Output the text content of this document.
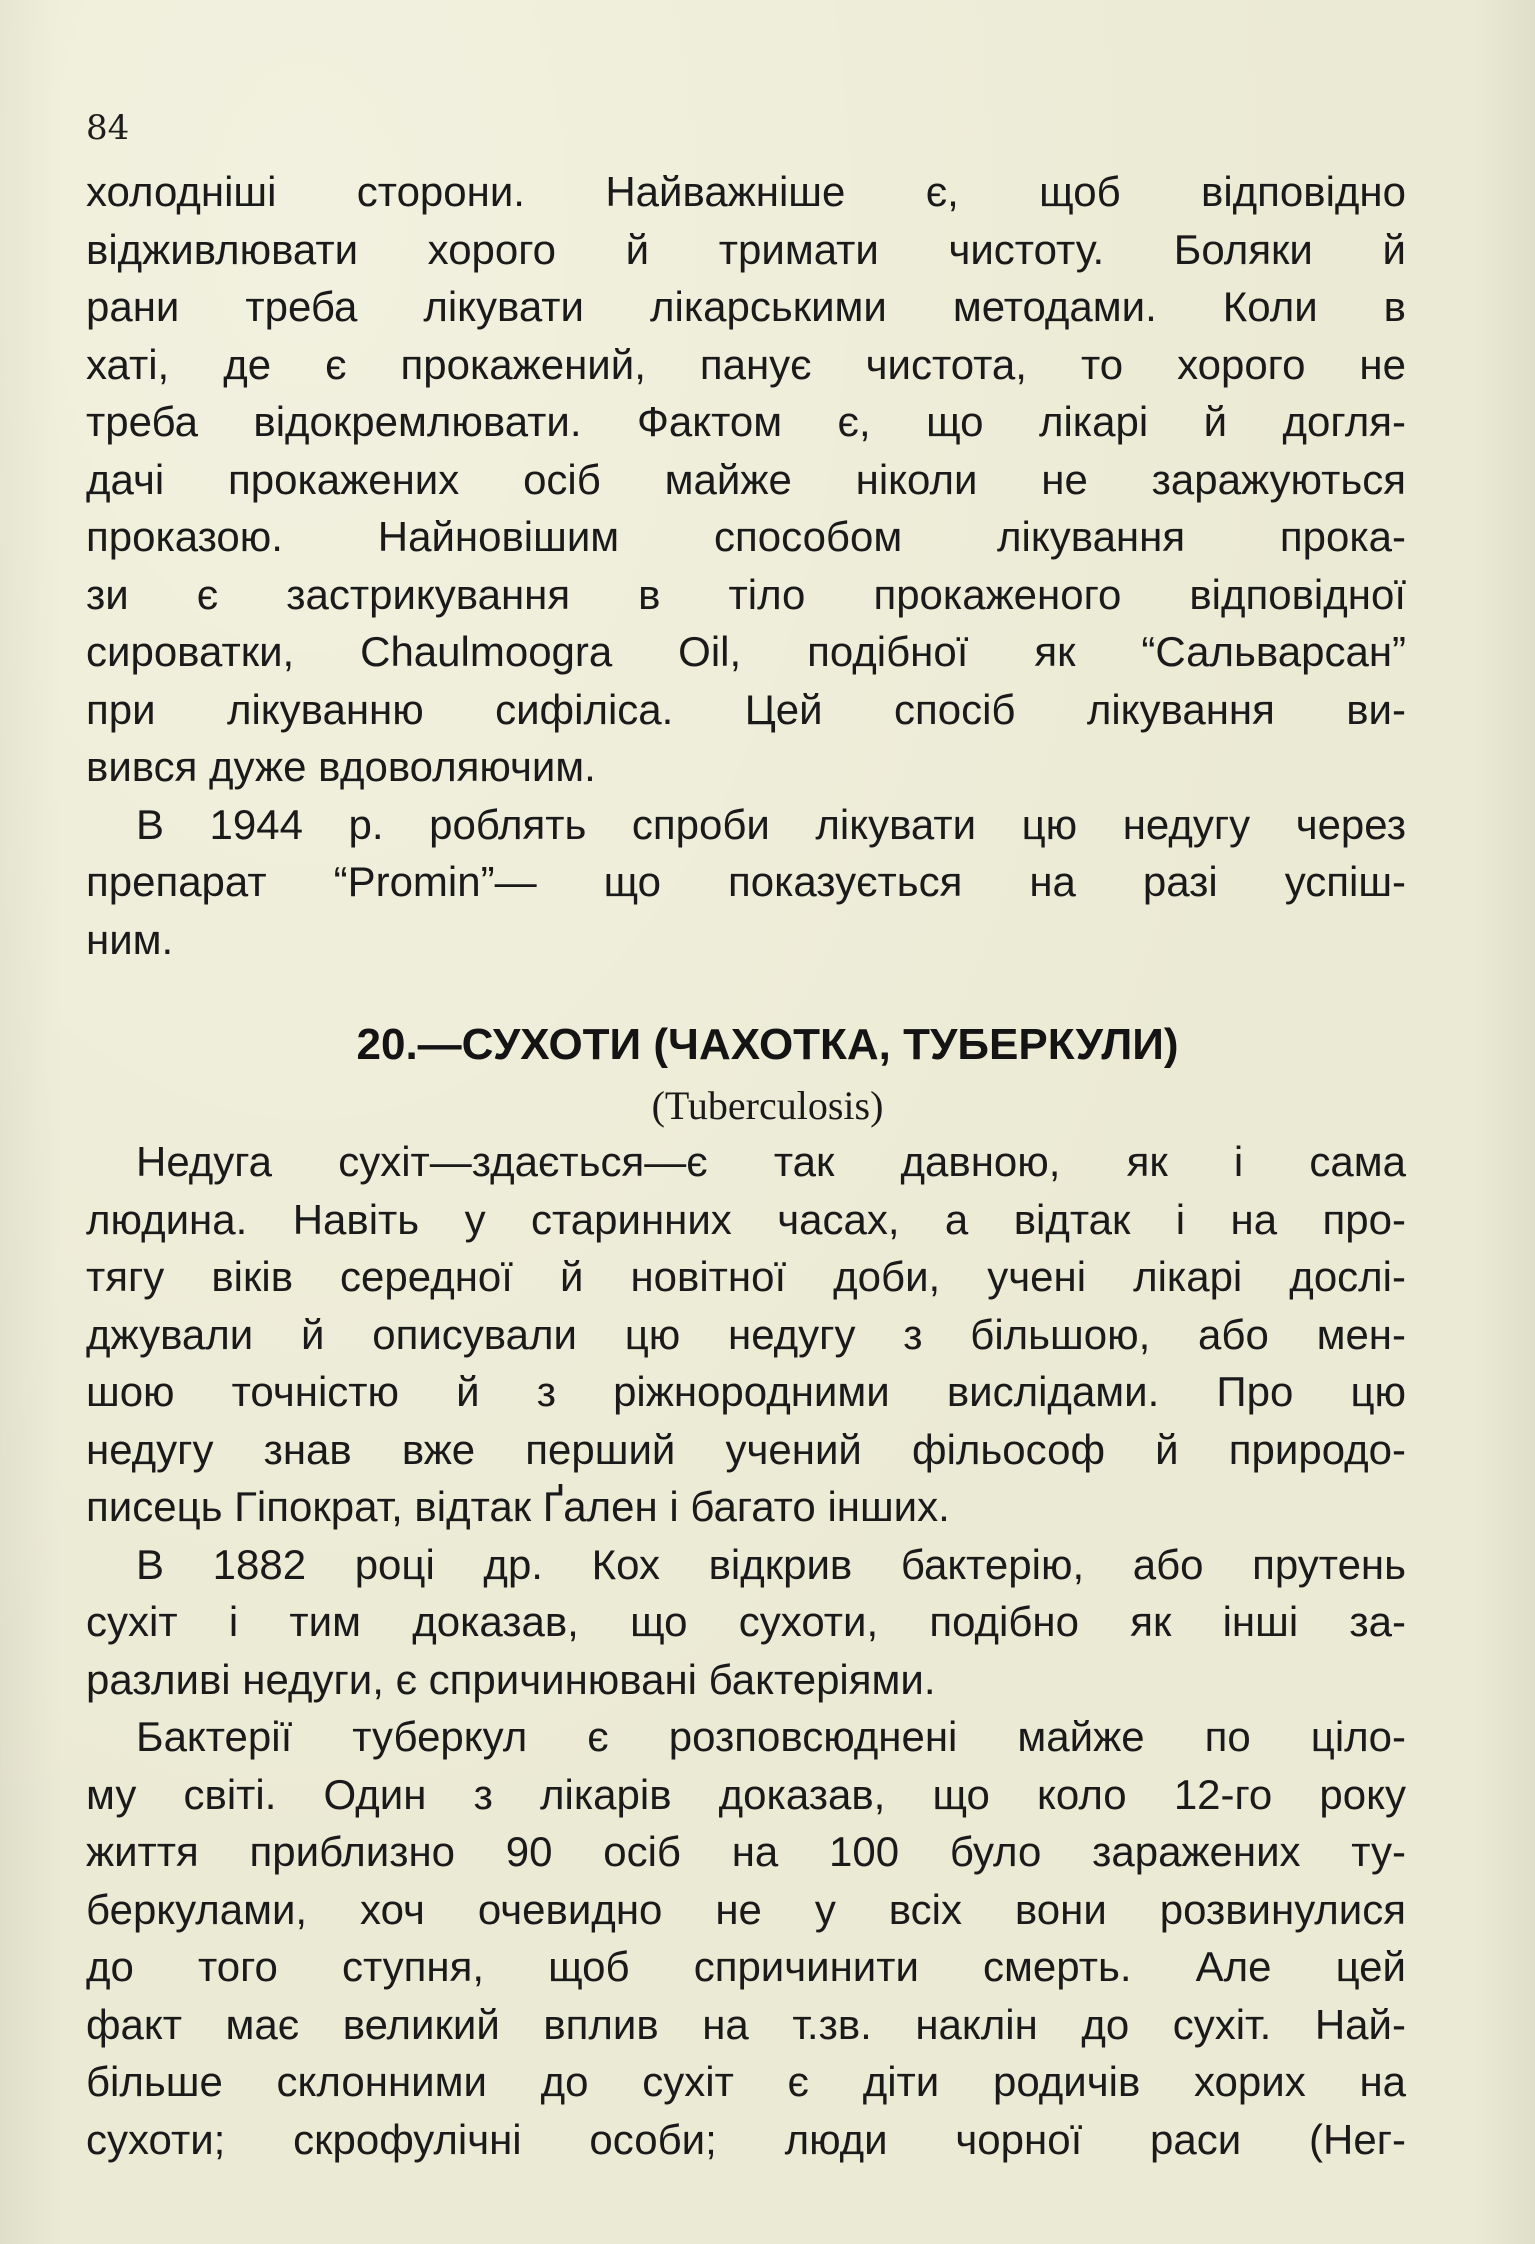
84
холодніші сторони. Найважніше є, щоб відповідно
відживлювати хорого й тримати чистоту. Боляки й
рани треба лікувати лікарськими методами. Коли в
хаті, де є прокажений, панує чистота, то хорого не
треба відокремлювати. Фактом є, що лікарі й догля-
дачі прокажених осіб майже ніколи не заражуються
проказою. Найновішим способом лікування прока-
зи є застрикування в тіло прокаженого відповідної
сироватки, Chaulmoogra Oil, подібної як “Сальварсан”
при лікуванню сифіліса. Цей спосіб лікування ви-
вився дуже вдоволяючим.
В 1944 р. роблять спроби лікувати цю недугу через
препарат “Promin”— що показується на разі успіш-
ним.
20.—СУХОТИ (ЧАХОТКА, ТУБЕРКУЛИ)
(Tuberculosis)
Недуга сухіт—здається—є так давною, як і сама
людина. Навіть у старинних часах, а відтак і на про-
тягу віків середної й новітної доби, учені лікарі дослі-
джували й описували цю недугу з більшою, або мен-
шою точністю й з ріжнородними вислідами. Про цю
недугу знав вже перший учений фільософ й природо-
писець Гіпократ, відтак Ґален і багато інших.
В 1882 році др. Кох відкрив бактерію, або прутень
сухіт і тим доказав, що сухоти, подібно як інші за-
разливі недуги, є спричинювані бактеріями.
Бактерії туберкул є розповсюднені майже по цілo-
му світі. Один з лікарів доказав, що коло 12-го року
життя приблизно 90 осіб на 100 було заражених ту-
беркулами, хоч очевидно не у всіх вони розвинулися
до того ступня, щоб спричинити смерть. Але цей
факт має великий вплив на т.зв. наклін до сухіт. Най-
більше склонними до сухіт є діти родичів хорих на
сухоти; скрофулічні особи; люди чорної раси (Нег-
